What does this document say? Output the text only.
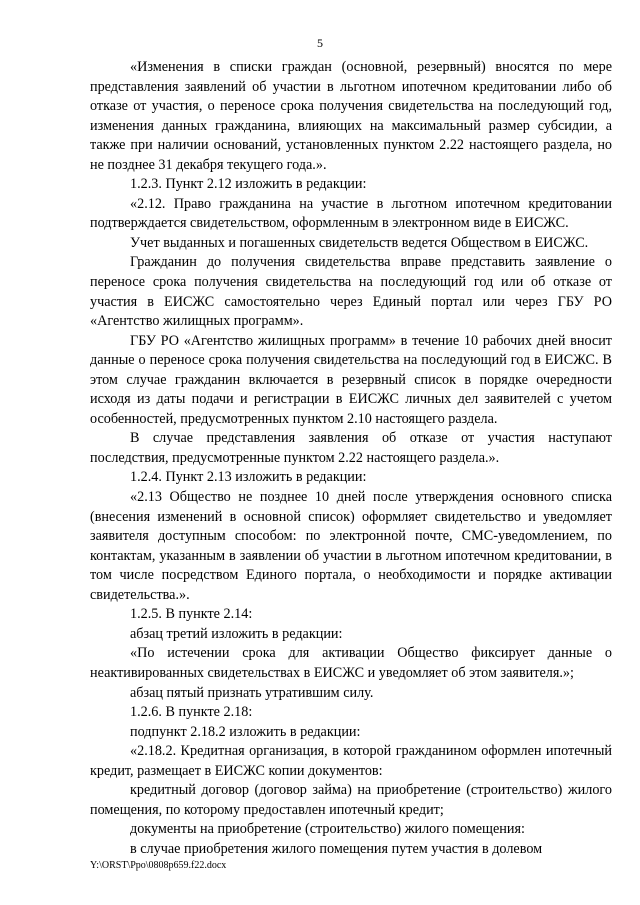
5

«Изменения в списки граждан (основной, резервный) вносятся по мере представления заявлений об участии в льготном ипотечном кредитовании либо об отказе от участия, о переносе срока получения свидетельства на последующий год, изменения данных гражданина, влияющих на максимальный размер субсидии, а также при наличии оснований, установленных пунктом 2.22 настоящего раздела, но не позднее 31 декабря текущего года.».

1.2.3. Пункт 2.12 изложить в редакции:

«2.12. Право гражданина на участие в льготном ипотечном кредитовании подтверждается свидетельством, оформленным в электронном виде в ЕИСЖС.

Учет выданных и погашенных свидетельств ведется Обществом в ЕИСЖС.

Гражданин до получения свидетельства вправе представить заявление о переносе срока получения свидетельства на последующий год или об отказе от участия в ЕИСЖС самостоятельно через Единый портал или через ГБУ РО «Агентство жилищных программ».

ГБУ РО «Агентство жилищных программ» в течение 10 рабочих дней вносит данные о переносе срока получения свидетельства на последующий год в ЕИСЖС. В этом случае гражданин включается в резервный список в порядке очередности исходя из даты подачи и регистрации в ЕИСЖС личных дел заявителей с учетом особенностей, предусмотренных пунктом 2.10 настоящего раздела.

В случае представления заявления об отказе от участия наступают последствия, предусмотренные пунктом 2.22 настоящего раздела.».

1.2.4. Пункт 2.13 изложить в редакции:

«2.13 Общество не позднее 10 дней после утверждения основного списка (внесения изменений в основной список) оформляет свидетельство и уведомляет заявителя доступным способом: по электронной почте, СМС-уведомлением, по контактам, указанным в заявлении об участии в льготном ипотечном кредитовании, в том числе посредством Единого портала, о необходимости и порядке активации свидетельства.».

1.2.5. В пункте 2.14:

абзац третий изложить в редакции:

«По истечении срока для активации Общество фиксирует данные о неактивированных свидетельствах в ЕИСЖС и уведомляет об этом заявителя.»;

абзац пятый признать утратившим силу.

1.2.6. В пункте 2.18:

подпункт 2.18.2 изложить в редакции:

«2.18.2. Кредитная организация, в которой гражданином оформлен ипотечный кредит, размещает в ЕИСЖС копии документов:

кредитный договор (договор займа) на приобретение (строительство) жилого помещения, по которому предоставлен ипотечный кредит;

документы на приобретение (строительство) жилого помещения:

в случае приобретения жилого помещения путем участия в долевом

Y:\ORST\Ppo\0808p659.f22.docx
